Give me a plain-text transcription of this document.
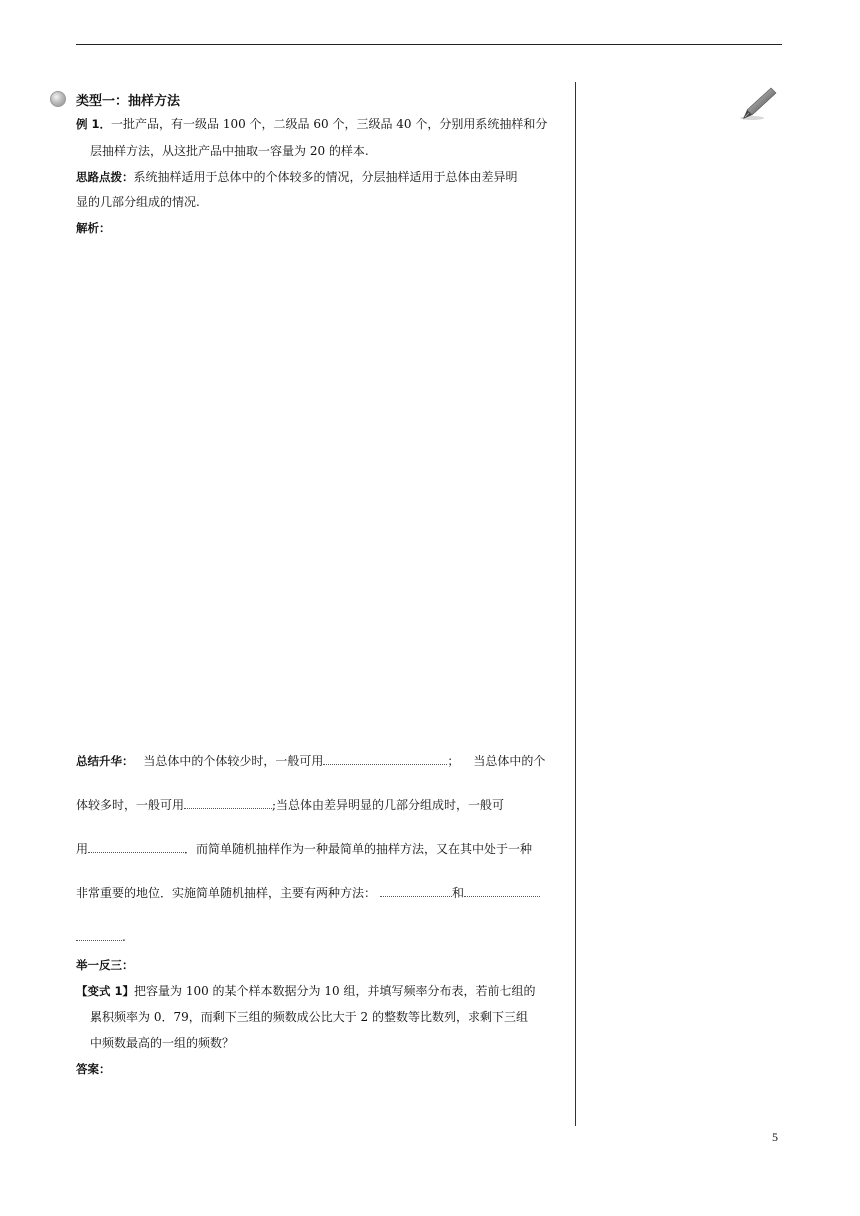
类型一：抽样方法
例 1．一批产品，有一级品 100 个，二级品 60 个，三级品 40 个，分别用系统抽样和分
层抽样方法，从这批产品中抽取一容量为 20 的样本.
思路点拨：系统抽样适用于总体中的个体较多的情况，分层抽样适用于总体由差异明
显的几部分组成的情况.
解析：
总结升华： 当总体中的个体较少时，一般可用	； 当总体中的个
体较多时，一般可用	;当总体由差异明显的几部分组成时，一般可
用	．而简单随机抽样作为一种最简单的抽样方法，又在其中处于一种
非常重要的地位．实施简单随机抽样，主要有两种方法：	和
.
举一反三：
【变式 1】把容量为 100 的某个样本数据分为 10 组，并填写频率分布表，若前七组的
累积频率为 0．79，而剩下三组的频数成公比大于 2 的整数等比数列，求剩下三组
中频数最高的一组的频数？
答案：
5
